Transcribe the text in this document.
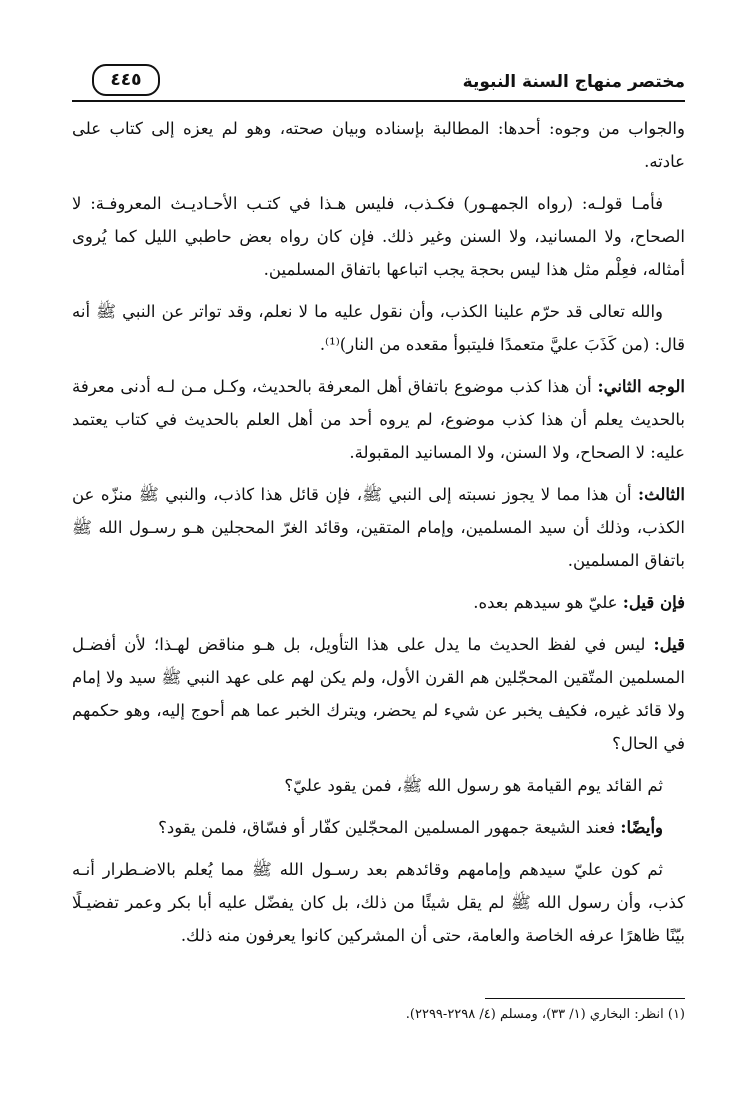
مختصر منهاج السنة النبوية
٤٤٥

والجواب من وجوه: أحدها: المطالبة بإسناده وبيان صحته، وهو لم يعزه إلى كتاب على عادته.

فأمـا قولـه: (رواه الجمهـور) فكـذب، فليس هـذا في كتـب الأحـاديـث المعروفـة: لا الصحاح، ولا المسانيد، ولا السنن وغير ذلك. فإن كان رواه بعض حاطبي الليل كما يُروى أمثاله، فعِلْم مثل هذا ليس بحجة يجب اتباعها باتفاق المسلمين.

والله تعالى قد حرّم علينا الكذب، وأن نقول عليه ما لا نعلم، وقد تواتر عن النبي ﷺ أنه قال: (من كَذَبَ عليَّ متعمدًا فليتبوأ مقعده من النار)⁽¹⁾.

الوجه الثاني: أن هذا كذب موضوع باتفاق أهل المعرفة بالحديث، وكـل مـن لـه أدنى معرفة بالحديث يعلم أن هذا كذب موضوع، لم يروه أحد من أهل العلم بالحديث في كتاب يعتمد عليه: لا الصحاح، ولا السنن، ولا المسانيد المقبولة.

الثالث: أن هذا مما لا يجوز نسبته إلى النبي ﷺ، فإن قائل هذا كاذب، والنبي ﷺ منزّه عن الكذب، وذلك أن سيد المسلمين، وإمام المتقين، وقائد الغرّ المحجلين هـو رسـول الله ﷺ باتفاق المسلمين.

فإن قيل: عليّ هو سيدهم بعده.

قيل: ليس في لفظ الحديث ما يدل على هذا التأويل، بل هـو مناقض لهـذا؛ لأن أفضـل المسلمين المتّقين المحجّلين هم القرن الأول، ولم يكن لهم على عهد النبي ﷺ سيد ولا إمام ولا قائد غيره، فكيف يخبر عن شيء لم يحضر، ويترك الخبر عما هم أحوج إليه، وهو حكمهم في الحال؟

ثم القائد يوم القيامة هو رسول الله ﷺ، فمن يقود عليّ؟

وأيضًا: فعند الشيعة جمهور المسلمين المحجّلين كفّار أو فسّاق، فلمن يقود؟

ثم كون عليّ سيدهم وإمامهم وقائدهم بعد رسـول الله ﷺ مما يُعلم بالاضـطرار أنـه كذب، وأن رسول الله ﷺ لم يقل شيئًا من ذلك، بل كان يفضّل عليه أبا بكر وعمر تفضيـلًا بيّنًا ظاهرًا عرفه الخاصة والعامة، حتى أن المشركين كانوا يعرفون منه ذلك.

(١) انظر: البخاري (١/ ٣٣)، ومسلم (٤/ ٢٢٩٨-٢٢٩٩).
